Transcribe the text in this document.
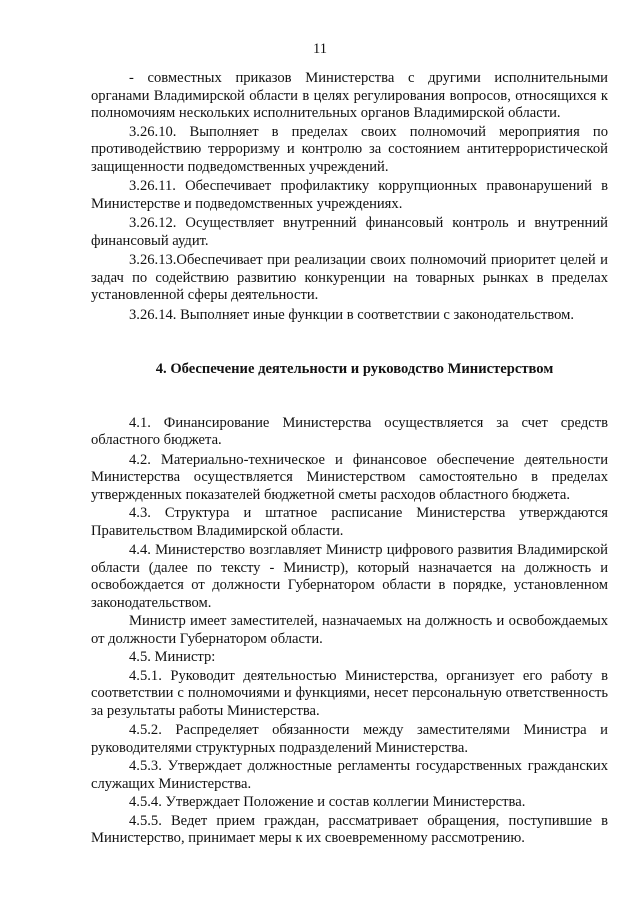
11

- совместных приказов Министерства с другими исполнительными органами Владимирской области в целях регулирования вопросов, относящихся к полномочиям нескольких исполнительных органов Владимирской области.

3.26.10. Выполняет в пределах своих полномочий мероприятия по противодействию терроризму и контролю за состоянием антитеррористической защищенности подведомственных учреждений.

3.26.11. Обеспечивает профилактику коррупционных правонарушений в Министерстве и подведомственных учреждениях.

3.26.12. Осуществляет внутренний финансовый контроль и внутренний финансовый аудит.

3.26.13.Обеспечивает при реализации своих полномочий приоритет целей и задач по содействию развитию конкуренции на товарных рынках в пределах установленной сферы деятельности.

3.26.14. Выполняет иные функции в соответствии с законодательством.

4. Обеспечение деятельности и руководство Министерством

4.1. Финансирование Министерства осуществляется за счет средств областного бюджета.

4.2. Материально-техническое и финансовое обеспечение деятельности Министерства осуществляется Министерством самостоятельно в пределах утвержденных показателей бюджетной сметы расходов областного бюджета.

4.3. Структура и штатное расписание Министерства утверждаются Правительством Владимирской области.

4.4. Министерство возглавляет Министр цифрового развития Владимирской области (далее по тексту - Министр), который назначается на должность и освобождается от должности Губернатором области в порядке, установленном законодательством.

Министр имеет заместителей, назначаемых на должность и освобождаемых от должности Губернатором области.

4.5. Министр:

4.5.1. Руководит деятельностью Министерства, организует его работу в соответствии с полномочиями и функциями, несет персональную ответственность за результаты работы Министерства.

4.5.2. Распределяет обязанности между заместителями Министра и руководителями структурных подразделений Министерства.

4.5.3. Утверждает должностные регламенты государственных гражданских служащих Министерства.

4.5.4. Утверждает Положение и состав коллегии Министерства.

4.5.5. Ведет прием граждан, рассматривает обращения, поступившие в Министерство, принимает меры к их своевременному рассмотрению.
